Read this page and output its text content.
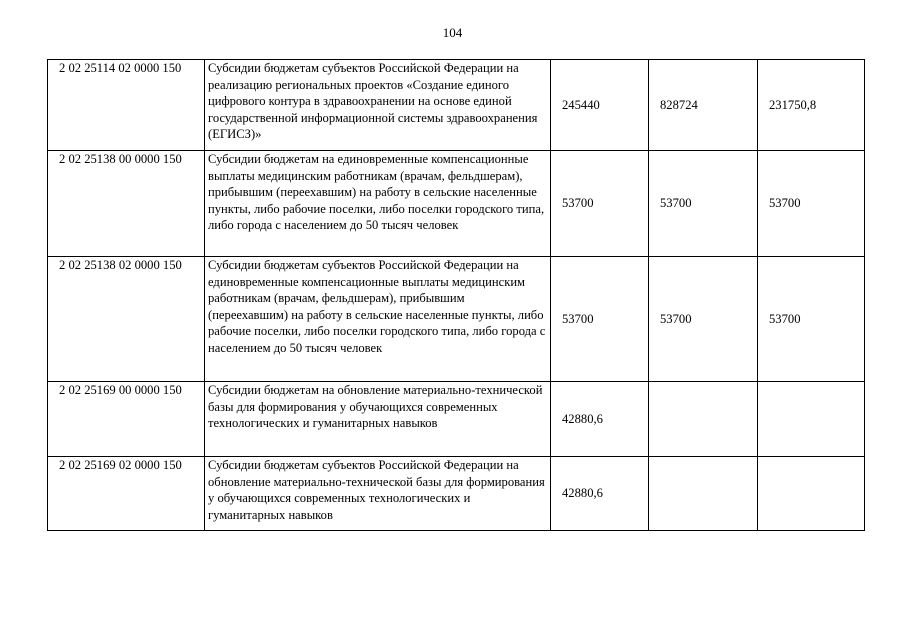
104
2 02 25114 02 0000 150	Субсидии бюджетам субъектов Российской Федерации на реализацию региональных проектов «Создание единого цифрового контура в здравоохранении на основе единой государственной информационной системы здравоохранения (ЕГИСЗ)»	245440	828724	231750,8
2 02 25138 00 0000 150	Субсидии бюджетам на единовременные компенсационные выплаты медицинским работникам (врачам, фельдшерам), прибывшим (переехавшим) на работу в сельские населенные пункты, либо рабочие поселки, либо поселки городского типа, либо города с населением до 50 тысяч человек	53700	53700	53700
2 02 25138 02 0000 150	Субсидии бюджетам субъектов Российской Федерации на единовременные компенсационные выплаты медицинским работникам (врачам, фельдшерам), прибывшим (переехавшим) на работу в сельские населенные пункты, либо рабочие поселки, либо поселки городского типа, либо города с населением до 50 тысяч человек	53700	53700	53700
2 02 25169 00 0000 150	Субсидии бюджетам на обновление материально-технической базы для формирования у обучающихся современных технологических и гуманитарных навыков	42880,6		
2 02 25169 02 0000 150	Субсидии бюджетам субъектов Российской Федерации на обновление материально-технической базы для формирования у обучающихся современных технологических и гуманитарных навыков	42880,6		
